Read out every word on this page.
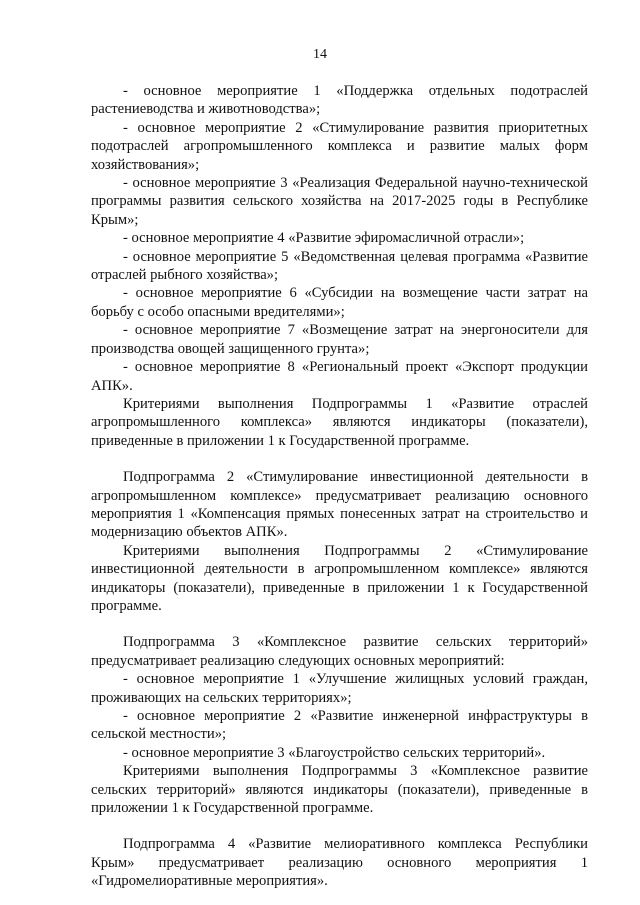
14

- основное мероприятие 1 «Поддержка отдельных подотраслей растениеводства и животноводства»;

- основное мероприятие 2 «Стимулирование развития приоритетных подотраслей агропромышленного комплекса и развитие малых форм хозяйствования»;

- основное мероприятие 3 «Реализация Федеральной научно-технической программы развития сельского хозяйства на 2017-2025 годы в Республике Крым»;

- основное мероприятие 4 «Развитие эфиромасличной отрасли»;

- основное мероприятие 5 «Ведомственная целевая программа «Развитие отраслей рыбного хозяйства»;

- основное мероприятие 6 «Субсидии на возмещение части затрат на борьбу с особо опасными вредителями»;

- основное мероприятие 7 «Возмещение затрат на энергоносители для производства овощей защищенного грунта»;

- основное мероприятие 8 «Региональный проект «Экспорт продукции АПК».

Критериями выполнения Подпрограммы 1 «Развитие отраслей агропромышленного комплекса» являются индикаторы (показатели), приведенные в приложении 1 к Государственной программе.

Подпрограмма 2 «Стимулирование инвестиционной деятельности в агропромышленном комплексе» предусматривает реализацию основного мероприятия 1 «Компенсация прямых понесенных затрат на строительство и модернизацию объектов АПК».

Критериями выполнения Подпрограммы 2 «Стимулирование инвестиционной деятельности в агропромышленном комплексе» являются индикаторы (показатели), приведенные в приложении 1 к Государственной программе.

Подпрограмма 3 «Комплексное развитие сельских территорий» предусматривает реализацию следующих основных мероприятий:

- основное мероприятие 1 «Улучшение жилищных условий граждан, проживающих на сельских территориях»;

- основное мероприятие 2 «Развитие инженерной инфраструктуры в сельской местности»;

- основное мероприятие 3 «Благоустройство сельских территорий».

Критериями выполнения Подпрограммы 3 «Комплексное развитие сельских территорий» являются индикаторы (показатели), приведенные в приложении 1 к Государственной программе.

Подпрограмма 4 «Развитие мелиоративного комплекса Республики Крым» предусматривает реализацию основного мероприятия 1 «Гидромелиоративные мероприятия».
